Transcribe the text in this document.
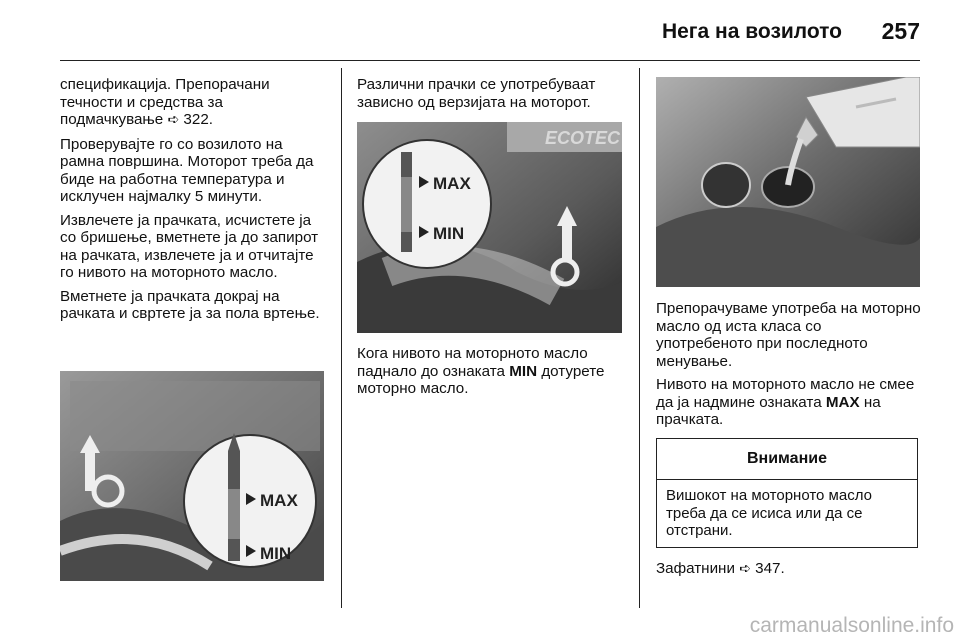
Нега на возилото 257

спецификација. Препорачани течности и средства за подмачкување ➪ 322.

Проверувајте го со возилото на рамна површина. Моторот треба да биде на работна температура и исклучен најмалку 5 минути.

Извлечете ја прачката, исчистете ја со бришење, вметнете ја до запирот на рачката, извлечете ја и отчитајте го нивото на моторното масло.

Вметнете ја прачката докрај на рачката и свртете ја за пола вртење.

MAX
MIN

Различни прачки се употребуваат зависно од верзијата на моторот.

Кога нивото на моторното масло паднало до ознаката MIN дотурете моторно масло.

ECOTEC
MAX
MIN

Препорачуваме употреба на моторно масло од иста класа со употребеното при последното менување.

Нивото на моторното масло не смее да ја надмине ознаката MAX на прачката.

Внимание
Вишокот на моторното масло треба да се исиса или да се отстрани.
Зафатнини ➪ 347.
carmanualsonline.info
